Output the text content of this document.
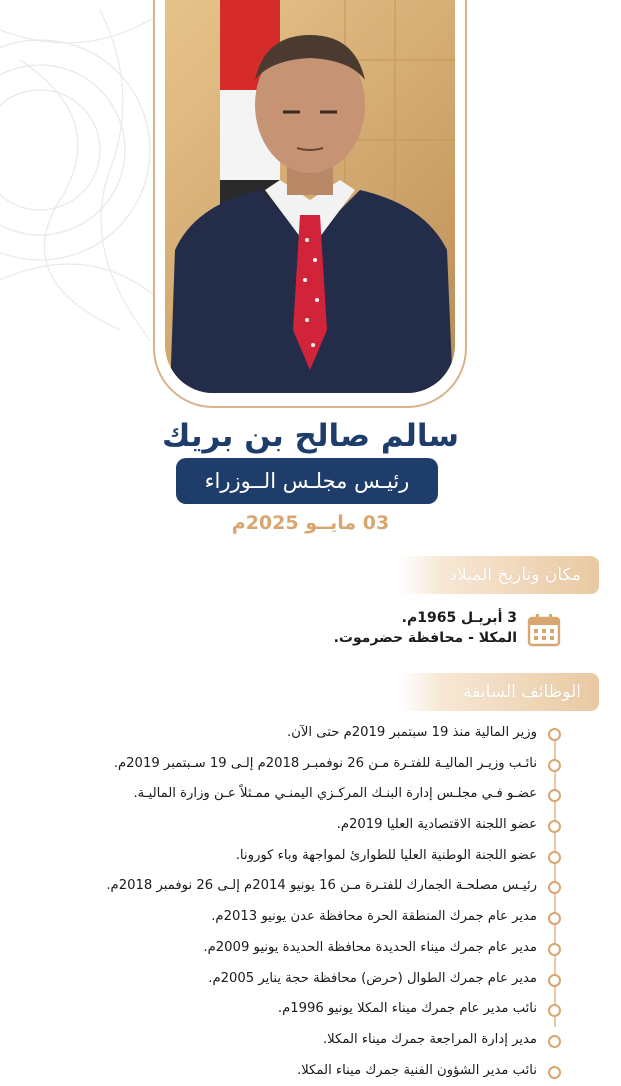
سالم صالح بن بريك
رئيـس مجلـس الــوزراء
03 مايــو 2025م
مكان وتاريخ الميلاد
3 أبريـل 1965م.
المكلا - محافظة حضرموت.
الوظائف السابقة
وزير المالية منذ 19 سبتمبر 2019م حتى الآن.
نائـب وزيـر الماليـة للفتـرة مـن 26 نوفمبـر 2018م إلـى 19 سـبتمبر 2019م.
عضـو فـي مجلـس إدارة البنـك المركـزي اليمنـي ممـثلاً عـن وزارة الماليـة.
عضو اللجنة الاقتصادية العليا 2019م.
عضو اللجنة الوطنية العليا للطوارئ لمواجهة وباء كورونا.
رئيـس مصلحـة الجمارك للفتـرة مـن 16 يونيو 2014م إلـى 26 نوفمبر 2018م.
مدير عام جمرك المنطقة الحرة محافظة عدن يونيو 2013م.
مدير عام جمرك ميناء الحديدة محافظة الحديدة يونيو 2009م.
مدير عام جمرك الطوال (حرض) محافظة حجة يناير 2005م.
نائب مدير عام جمرك ميناء المكلا يونيو 1996م.
مدير إدارة المراجعة جمرك ميناء المكلا.
نائب مدير الشؤون الفنية جمرك ميناء المكلا.
